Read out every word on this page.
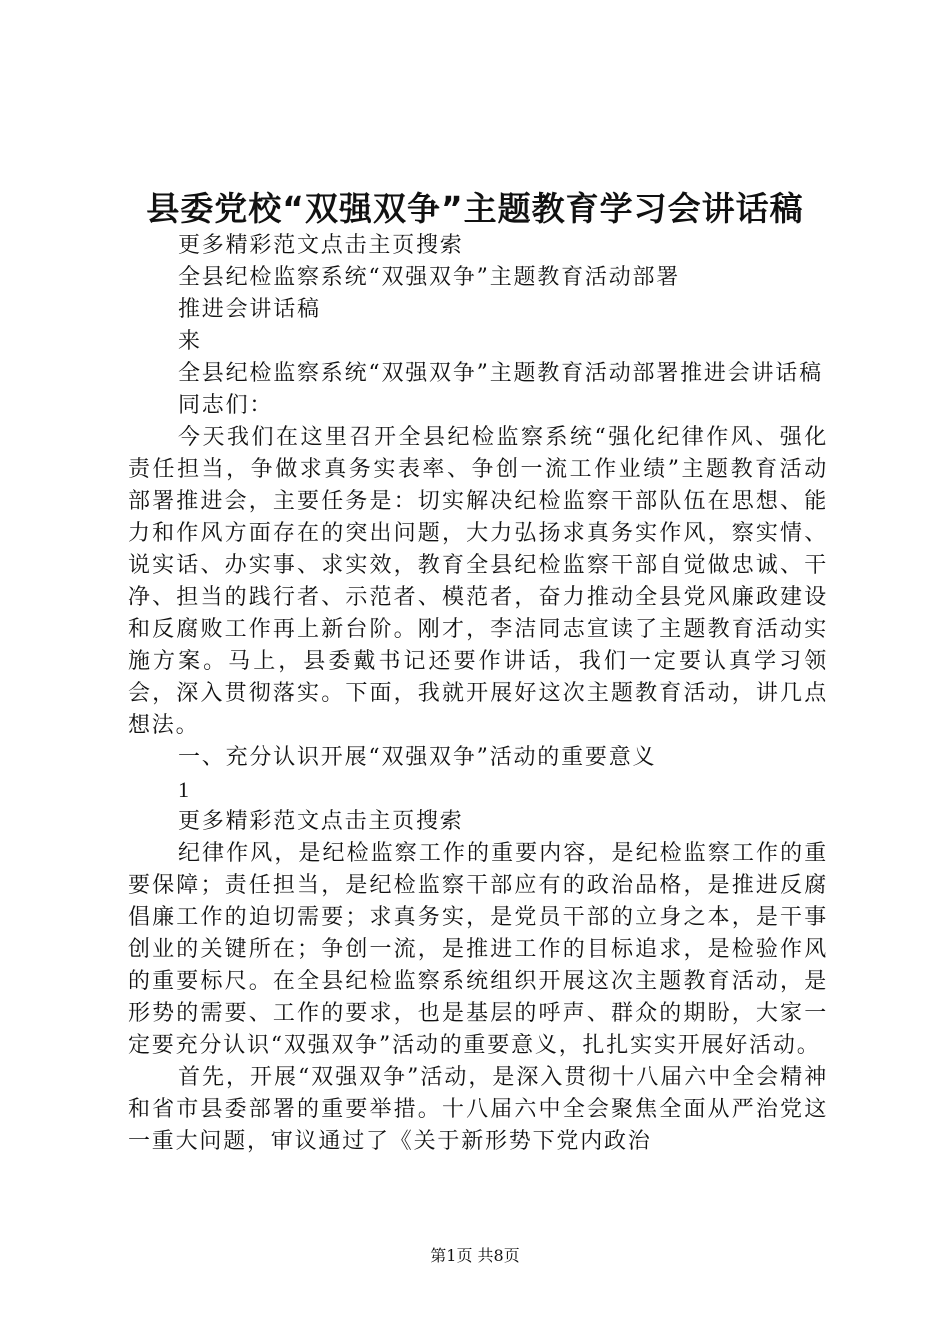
县委党校“双强双争”主题教育学习会讲话稿

更多精彩范文点击主页搜索

全县纪检监察系统“双强双争”主题教育活动部署

推进会讲话稿

来

全县纪检监察系统“双强双争”主题教育活动部署推进会讲话稿

同志们：

今天我们在这里召开全县纪检监察系统“强化纪律作风、强化责任担当，争做求真务实表率、争创一流工作业绩”主题教育活动部署推进会，主要任务是：切实解决纪检监察干部队伍在思想、能力和作风方面存在的突出问题，大力弘扬求真务实作风，察实情、说实话、办实事、求实效，教育全县纪检监察干部自觉做忠诚、干净、担当的践行者、示范者、模范者，奋力推动全县党风廉政建设和反腐败工作再上新台阶。刚才，李洁同志宣读了主题教育活动实施方案。马上，县委戴书记还要作讲话，我们一定要认真学习领会，深入贯彻落实。下面，我就开展好这次主题教育活动，讲几点想法。

一、充分认识开展“双强双争”活动的重要意义

1

更多精彩范文点击主页搜索

纪律作风，是纪检监察工作的重要内容，是纪检监察工作的重要保障；责任担当，是纪检监察干部应有的政治品格，是推进反腐倡廉工作的迫切需要；求真务实，是党员干部的立身之本，是干事创业的关键所在；争创一流，是推进工作的目标追求，是检验作风的重要标尺。在全县纪检监察系统组织开展这次主题教育活动，是形势的需要、工作的要求，也是基层的呼声、群众的期盼，大家一定要充分认识“双强双争”活动的重要意义，扎扎实实开展好活动。

首先，开展“双强双争”活动，是深入贯彻十八届六中全会精神和省市县委部署的重要举措。十八届六中全会聚焦全面从严治党这一重大问题，审议通过了《关于新形势下党内政治

第1页 共8页
